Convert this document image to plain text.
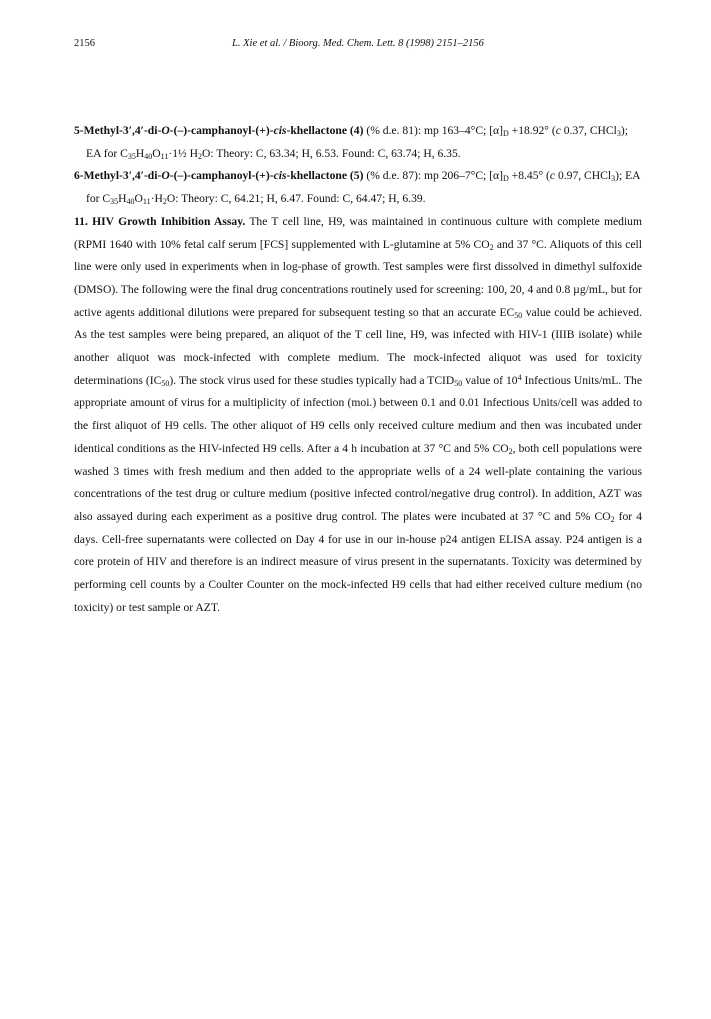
2156	L. Xie et al. / Bioorg. Med. Chem. Lett. 8 (1998) 2151–2156

5-Methyl-3′,4′-di-O-(–)-camphanoyl-(+)-cis-khellactone (4) (% d.e. 81): mp 163–4°C; $[\alpha]_D +18.92^\circ$ (c 0.37, CHCl$_3$); EA for $C_{35}H_{40}O_{11}\cdot 1\frac{1}{2}$ $H_2O$: Theory: C, 63.34; H, 6.53. Found: C, 63.74; H, 6.35.

6-Methyl-3′,4′-di-O-(–)-camphanoyl-(+)-cis-khellactone (5) (% d.e. 87): mp 206–7°C; $[\alpha]_D +8.45^\circ$ (c 0.97, CHCl$_3$); EA for $C_{35}H_{40}O_{11}\cdot H_2O$: Theory: C, 64.21; H, 6.47. Found: C, 64.47; H, 6.39.

11. HIV Growth Inhibition Assay. The T cell line, H9, was maintained in continuous culture with complete medium (RPMI 1640 with 10% fetal calf serum [FCS] supplemented with L-glutamine at 5% $CO_2$ and 37 °C. Aliquots of this cell line were only used in experiments when in log-phase of growth. Test samples were first dissolved in dimethyl sulfoxide (DMSO). The following were the final drug concentrations routinely used for screening: 100, 20, 4 and 0.8 µg/mL, but for active agents additional dilutions were prepared for subsequent testing so that an accurate $EC_{50}$ value could be achieved. As the test samples were being prepared, an aliquot of the T cell line, H9, was infected with HIV-1 (IIIB isolate) while another aliquot was mock-infected with complete medium. The mock-infected aliquot was used for toxicity determinations $(IC_{50})$. The stock virus used for these studies typically had a $TCID_{50}$ value of $10^4$ Infectious Units/mL. The appropriate amount of virus for a multiplicity of infection (moi.) between 0.1 and 0.01 Infectious Units/cell was added to the first aliquot of H9 cells. The other aliquot of H9 cells only received culture medium and then was incubated under identical conditions as the HIV-infected H9 cells. After a 4 h incubation at 37 °C and 5% $CO_2$, both cell populations were washed 3 times with fresh medium and then added to the appropriate wells of a 24 well-plate containing the various concentrations of the test drug or culture medium (positive infected control/negative drug control). In addition, AZT was also assayed during each experiment as a positive drug control. The plates were incubated at 37 °C and 5% $CO_2$ for 4 days. Cell-free supernatants were collected on Day 4 for use in our in-house p24 antigen ELISA assay. P24 antigen is a core protein of HIV and therefore is an indirect measure of virus present in the supernatants. Toxicity was determined by performing cell counts by a Coulter Counter on the mock-infected H9 cells that had either received culture medium (no toxicity) or test sample or AZT.
